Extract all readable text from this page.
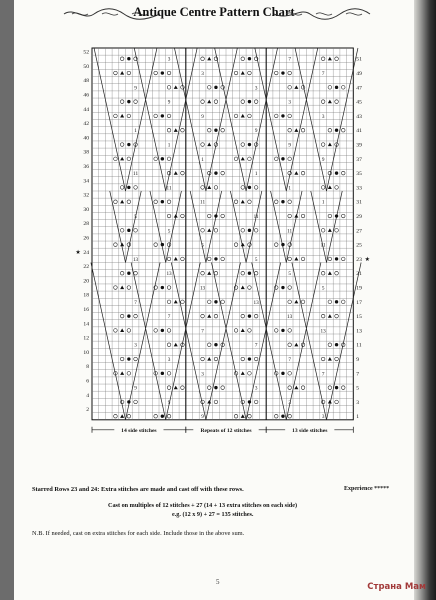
Antique Centre Pattern Chart
9	3
9	3
9	3
3	7
3	7
3	7
7	13
7	13
7	13
13	5
13	5
13	5
5	11
5	11
5	11
11	1
11	1
11	1
1	9
1	9
1	9
9	3
9	3
9	3
3	7
3	7
1
2
3
4
5
6
7
8
9
10
11
12
13
14
15
16
17
18
19
20
21
22
23
24
25
26
27
28
29
30
31
32
33
34
35
36
37
38
39
40
41
42
43
44
45
46
47
48
49
50
51
52
★
★
14 side stitches	Repeats of 12 stitches	13 side stitches
Starred Rows 23 and 24: Extra stitches are made and cast off with these rows.	Experience *****
Cast on multiples of 12 stitches + 27 (14 + 13 extra stitches on each side)
e.g. (12 x 9) + 27 = 135 stitches.
N.B. If needed, cast on extra stitches for each side. Include those in the above sum.
5	Страна Мам
